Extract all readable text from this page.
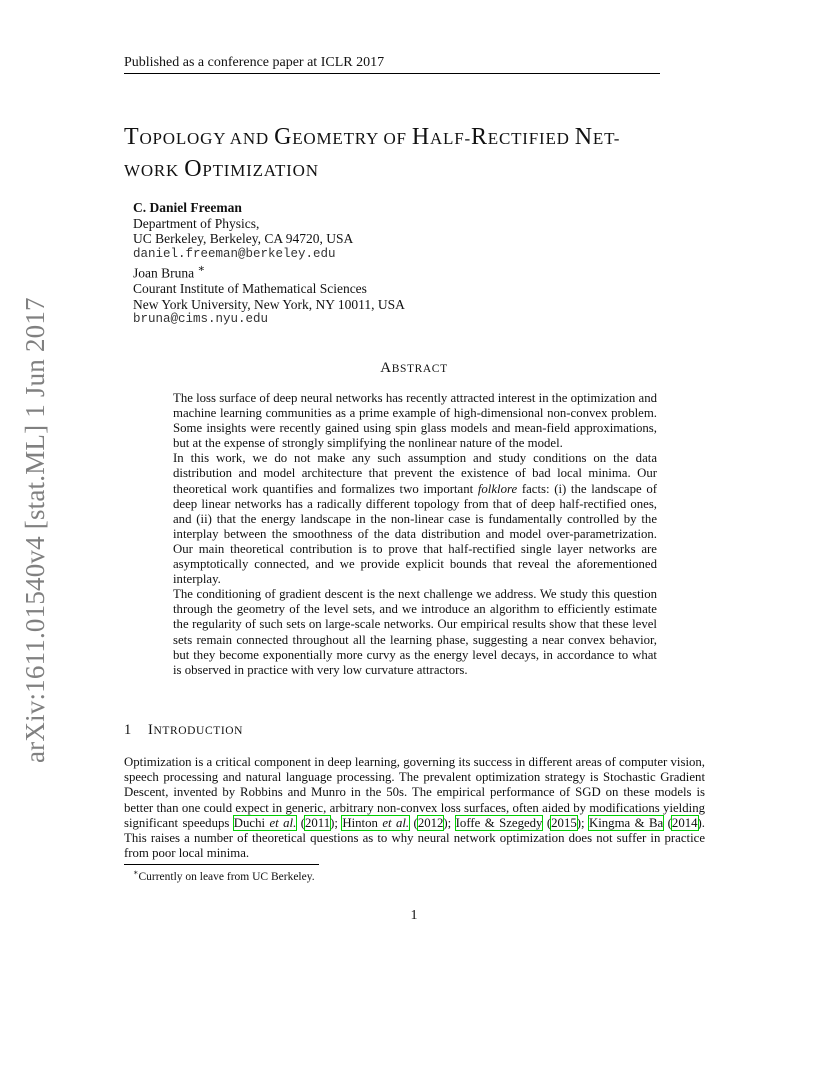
Published as a conference paper at ICLR 2017
arXiv:1611.01540v4 [stat.ML] 1 Jun 2017
TOPOLOGY AND GEOMETRY OF HALF-RECTIFIED NET-
WORK OPTIMIZATION
C. Daniel Freeman
Department of Physics,
UC Berkeley, Berkeley, CA 94720, USA
daniel.freeman@berkeley.edu
Joan Bruna ∗
Courant Institute of Mathematical Sciences
New York University, New York, NY 10011, USA
bruna@cims.nyu.edu
ABSTRACT

The loss surface of deep neural networks has recently attracted interest in the optimization and machine learning communities as a prime example of high-dimensional non-convex problem. Some insights were recently gained using spin glass models and mean-field approximations, but at the expense of strongly simplifying the nonlinear nature of the model.

In this work, we do not make any such assumption and study conditions on the data distribution and model architecture that prevent the existence of bad local minima. Our theoretical work quantifies and formalizes two important folklore facts: (i) the landscape of deep linear networks has a radically different topology from that of deep half-rectified ones, and (ii) that the energy landscape in the non-linear case is fundamentally controlled by the interplay between the smoothness of the data distribution and model over-parametrization. Our main theoretical contribution is to prove that half-rectified single layer networks are asymptotically connected, and we provide explicit bounds that reveal the aforementioned interplay.

The conditioning of gradient descent is the next challenge we address. We study this question through the geometry of the level sets, and we introduce an algorithm to efficiently estimate the regularity of such sets on large-scale networks. Our empirical results show that these level sets remain connected throughout all the learning phase, suggesting a near convex behavior, but they become exponentially more curvy as the energy level decays, in accordance to what is observed in practice with very low curvature attractors.

1 INTRODUCTION

Optimization is a critical component in deep learning, governing its success in different areas of computer vision, speech processing and natural language processing. The prevalent optimization strategy is Stochastic Gradient Descent, invented by Robbins and Munro in the 50s. The empirical performance of SGD on these models is better than one could expect in generic, arbitrary non-convex loss surfaces, often aided by modifications yielding significant speedups Duchi et al. (2011); Hinton et al. (2012); Ioffe & Szegedy (2015); Kingma & Ba (2014). This raises a number of theoretical questions as to why neural network optimization does not suffer in practice from poor local minima.

∗Currently on leave from UC Berkeley.
1
